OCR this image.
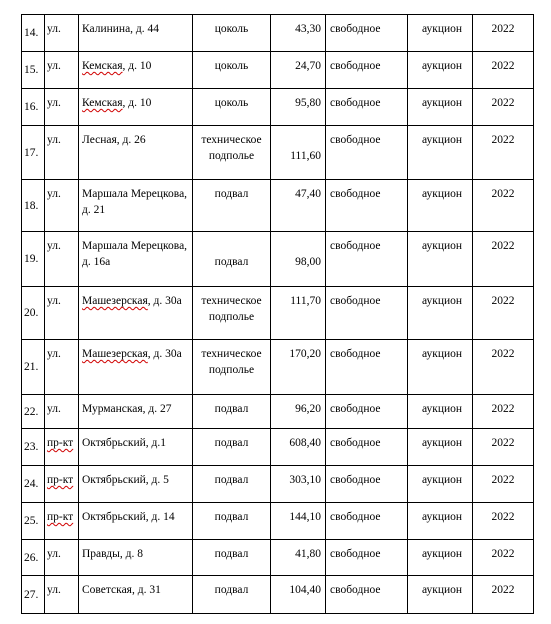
14.	ул.	Калинина, д. 44	цоколь	43,30	свободное	аукцион	2022
15.	ул.	Кемская, д. 10	цоколь	24,70	свободное	аукцион	2022
16.	ул.	Кемская, д. 10	цоколь	95,80	свободное	аукцион	2022
17.	ул.	Лесная, д. 26	техническое подполье	111,60	свободное	аукцион	2022
18.	ул.	Маршала Мерецкова, д. 21	подвал	47,40	свободное	аукцион	2022
19.	ул.	Маршала Мерецкова, д. 16а	подвал	98,00	свободное	аукцион	2022
20.	ул.	Машезерская, д. 30а	техническое подполье	111,70	свободное	аукцион	2022
21.	ул.	Машезерская, д. 30а	техническое подполье	170,20	свободное	аукцион	2022
22.	ул.	Мурманская, д. 27	подвал	96,20	свободное	аукцион	2022
23.	пр-кт	Октябрьский, д.1	подвал	608,40	свободное	аукцион	2022
24.	пр-кт	Октябрьский, д. 5	подвал	303,10	свободное	аукцион	2022
25.	пр-кт	Октябрьский, д. 14	подвал	144,10	свободное	аукцион	2022
26.	ул.	Правды, д. 8	подвал	41,80	свободное	аукцион	2022
27.	ул.	Советская, д. 31	подвал	104,40	свободное	аукцион	2022
